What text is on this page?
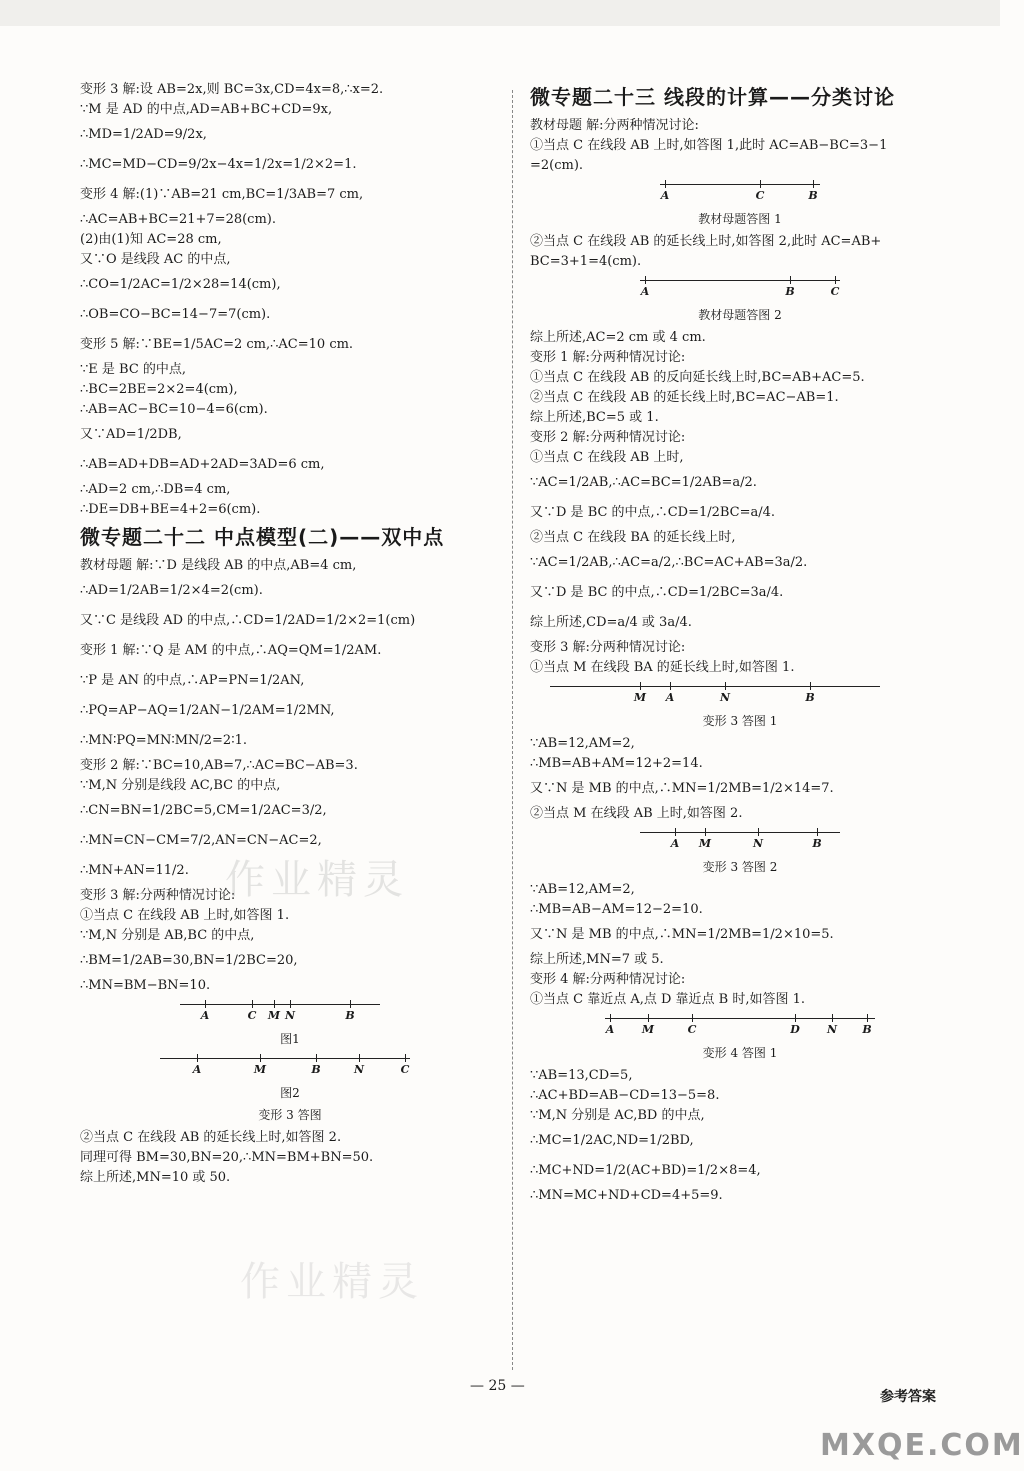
变形 3 解:设 AB=2x,则 BC=3x,CD=4x=8,∴x=2.

∵M 是 AD 的中点,AD=AB+BC+CD=9x,

∴MD=1/2AD=9/2x,

∴MC=MD−CD=9/2x−4x=1/2x=1/2×2=1.

变形 4 解:(1)∵AB=21 cm,BC=1/3AB=7 cm,

∴AC=AB+BC=21+7=28(cm).

(2)由(1)知 AC=28 cm,

又∵O 是线段 AC 的中点,

∴CO=1/2AC=1/2×28=14(cm),

∴OB=CO−BC=14−7=7(cm).

变形 5 解:∵BE=1/5AC=2 cm,∴AC=10 cm.

∵E 是 BC 的中点,

∴BC=2BE=2×2=4(cm),

∴AB=AC−BC=10−4=6(cm).

又∵AD=1/2DB,

∴AB=AD+DB=AD+2AD=3AD=6 cm,

∴AD=2 cm,∴DB=4 cm,

∴DE=DB+BE=4+2=6(cm).

微专题二十二 中点模型(二)——双中点

教材母题 解:∵D 是线段 AB 的中点,AB=4 cm,

∴AD=1/2AB=1/2×4=2(cm).

又∵C 是线段 AD 的中点,∴CD=1/2AD=1/2×2=1(cm)

变形 1 解:∵Q 是 AM 的中点,∴AQ=QM=1/2AM.

∵P 是 AN 的中点,∴AP=PN=1/2AN,

∴PQ=AP−AQ=1/2AN−1/2AM=1/2MN,

∴MN∶PQ=MN∶MN/2=2∶1.

变形 2 解:∵BC=10,AB=7,∴AC=BC−AB=3.

∵M,N 分别是线段 AC,BC 的中点,

∴CN=BN=1/2BC=5,CM=1/2AC=3/2,

∴MN=CN−CM=7/2,AN=CN−AC=2,

∴MN+AN=11/2.

变形 3 解:分两种情况讨论:

①当点 C 在线段 AB 上时,如答图 1.

∵M,N 分别是 AB,BC 的中点,

∴BM=1/2AB=30,BN=1/2BC=20,

∴MN=BM−BN=10.

A	C M N	B
图1
A	M	B	N	C
图2
变形 3 答图

②当点 C 在线段 AB 的延长线上时,如答图 2.

同理可得 BM=30,BN=20,∴MN=BM+BN=50.

综上所述,MN=10 或 50.

微专题二十三 线段的计算——分类讨论

教材母题 解:分两种情况讨论:

①当点 C 在线段 AB 上时,如答图 1,此时 AC=AB−BC=3−1

=2(cm).

A	C	B
教材母题答图 1

②当点 C 在线段 AB 的延长线上时,如答图 2,此时 AC=AB+

BC=3+1=4(cm).

A	B	C
教材母题答图 2

综上所述,AC=2 cm 或 4 cm.

变形 1 解:分两种情况讨论:

①当点 C 在线段 AB 的反向延长线上时,BC=AB+AC=5.

②当点 C 在线段 AB 的延长线上时,BC=AC−AB=1.

综上所述,BC=5 或 1.

变形 2 解:分两种情况讨论:

①当点 C 在线段 AB 上时,

∵AC=1/2AB,∴AC=BC=1/2AB=a/2.

又∵D 是 BC 的中点,∴CD=1/2BC=a/4.

②当点 C 在线段 BA 的延长线上时,

∵AC=1/2AB,∴AC=a/2,∴BC=AC+AB=3a/2.

又∵D 是 BC 的中点,∴CD=1/2BC=3a/4.

综上所述,CD=a/4 或 3a/4.

变形 3 解:分两种情况讨论:

①当点 M 在线段 BA 的延长线上时,如答图 1.

M A	N	B
变形 3 答图 1

∵AB=12,AM=2,

∴MB=AB+AM=12+2=14.

又∵N 是 MB 的中点,∴MN=1/2MB=1/2×14=7.

②当点 M 在线段 AB 上时,如答图 2.

A M	N	B
变形 3 答图 2

∵AB=12,AM=2,

∴MB=AB−AM=12−2=10.

又∵N 是 MB 的中点,∴MN=1/2MB=1/2×10=5.

综上所述,MN=7 或 5.

变形 4 解:分两种情况讨论:

①当点 C 靠近点 A,点 D 靠近点 B 时,如答图 1.

A	M	C	D N B
变形 4 答图 1

∵AB=13,CD=5,

∴AC+BD=AB−CD=13−5=8.

∵M,N 分别是 AC,BD 的中点,

∴MC=1/2AC,ND=1/2BD,

∴MC+ND=1/2(AC+BD)=1/2×8=4,

∴MN=MC+ND+CD=4+5=9.

作业精灵
作业精灵
— 25 —
参考答案
MXQE.COM
